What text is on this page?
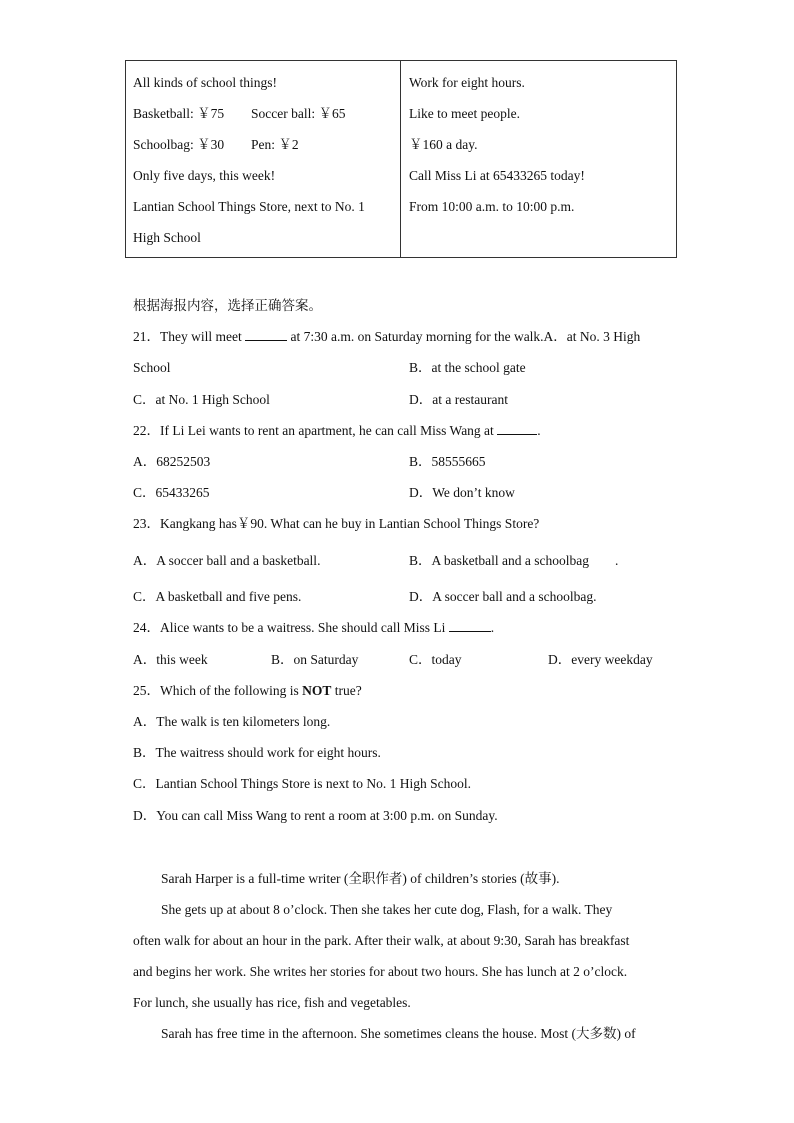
All kinds of school things!
Basketball: ￥75 Soccer ball: ￥65
Schoolbag: ￥30 Pen: ￥2
Only five days, this week!
Lantian School Things Store, next to No. 1
High School
Work for eight hours.
Like to meet people.
￥160 a day.
Call Miss Li at 65433265 today!
From 10:00 a.m. to 10:00 p.m.
根据海报内容，选择正确答案。
21．They will meet	at 7:30 a.m. on Saturday morning for the walk.A．at No. 3 High
School	B．at the school gate
C．at No. 1 High School	D．at a restaurant
22．If Li Lei wants to rent an apartment, he can call Miss Wang at	.
A．68252503	B．58555665
C．65433265	D．We don’t know
23．Kangkang has￥90. What can he buy in Lantian School Things Store?
A．A soccer ball and a basketball.	B．A basketball and a schoolbag .
C．A basketball and five pens.	D．A soccer ball and a schoolbag.
24．Alice wants to be a waitress. She should call Miss Li	.
A．this week	B．on Saturday	C．today	D．every weekday
25．Which of the following is NOT true?
A．The walk is ten kilometers long.
B．The waitress should work for eight hours.
C．Lantian School Things Store is next to No. 1 High School.
D．You can call Miss Wang to rent a room at 3:00 p.m. on Sunday.
Sarah Harper is a full-time writer (全职作者) of children’s stories (故事).
She gets up at about 8 o’clock. Then she takes her cute dog, Flash, for a walk. They
often walk for about an hour in the park. After their walk, at about 9:30, Sarah has breakfast
and begins her work. She writes her stories for about two hours. She has lunch at 2 o’clock.
For lunch, she usually has rice, fish and vegetables.
Sarah has free time in the afternoon. She sometimes cleans the house. Most (大多数) of
